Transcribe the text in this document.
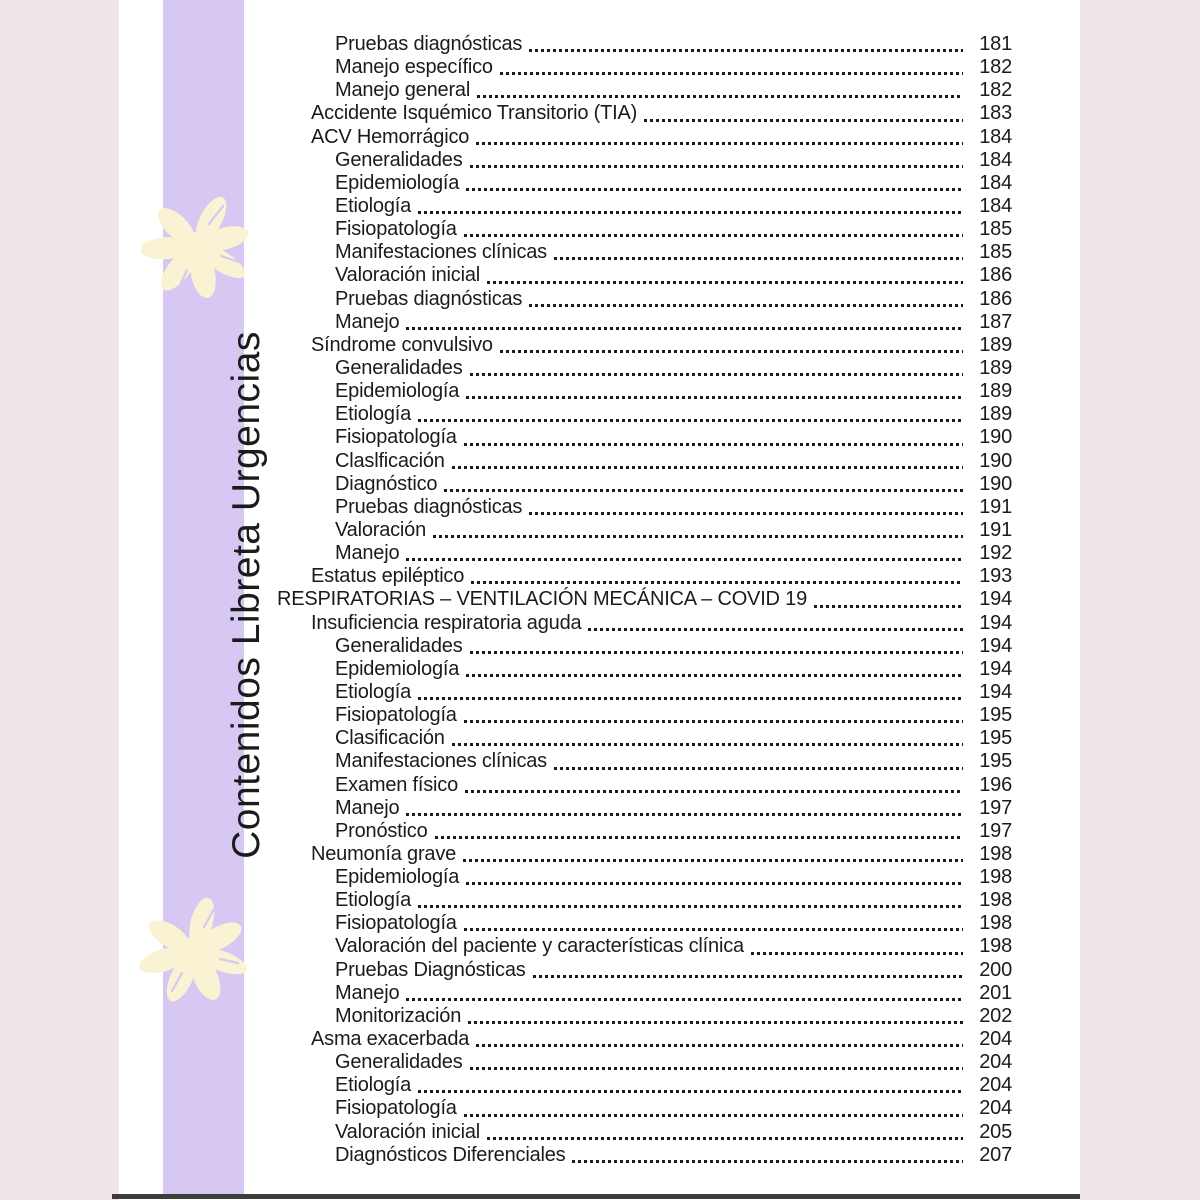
Contenidos Libreta Urgencias
Pruebas diagnósticas	181
Manejo específico	182
Manejo general	182
Accidente Isquémico Transitorio (TIA)	183
ACV Hemorrágico	184
Generalidades	184
Epidemiología	184
Etiología	184
Fisiopatología	185
Manifestaciones clínicas	185
Valoración inicial	186
Pruebas diagnósticas	186
Manejo	187
Síndrome convulsivo	189
Generalidades	189
Epidemiología	189
Etiología	189
Fisiopatología	190
Claslficación	190
Diagnóstico	190
Pruebas diagnósticas	191
Valoración	191
Manejo	192
Estatus epiléptico	193
RESPIRATORIAS – VENTILACIÓN MECÁNICA – COVID 19	194
Insuficiencia respiratoria aguda	194
Generalidades	194
Epidemiología	194
Etiología	194
Fisiopatología	195
Clasificación	195
Manifestaciones clínicas	195
Examen físico	196
Manejo	197
Pronóstico	197
Neumonía grave	198
Epidemiología	198
Etiología	198
Fisiopatología	198
Valoración del paciente y características clínica	198
Pruebas Diagnósticas	200
Manejo	201
Monitorización	202
Asma exacerbada	204
Generalidades	204
Etiología	204
Fisiopatología	204
Valoración inicial	205
Diagnósticos Diferenciales	207
